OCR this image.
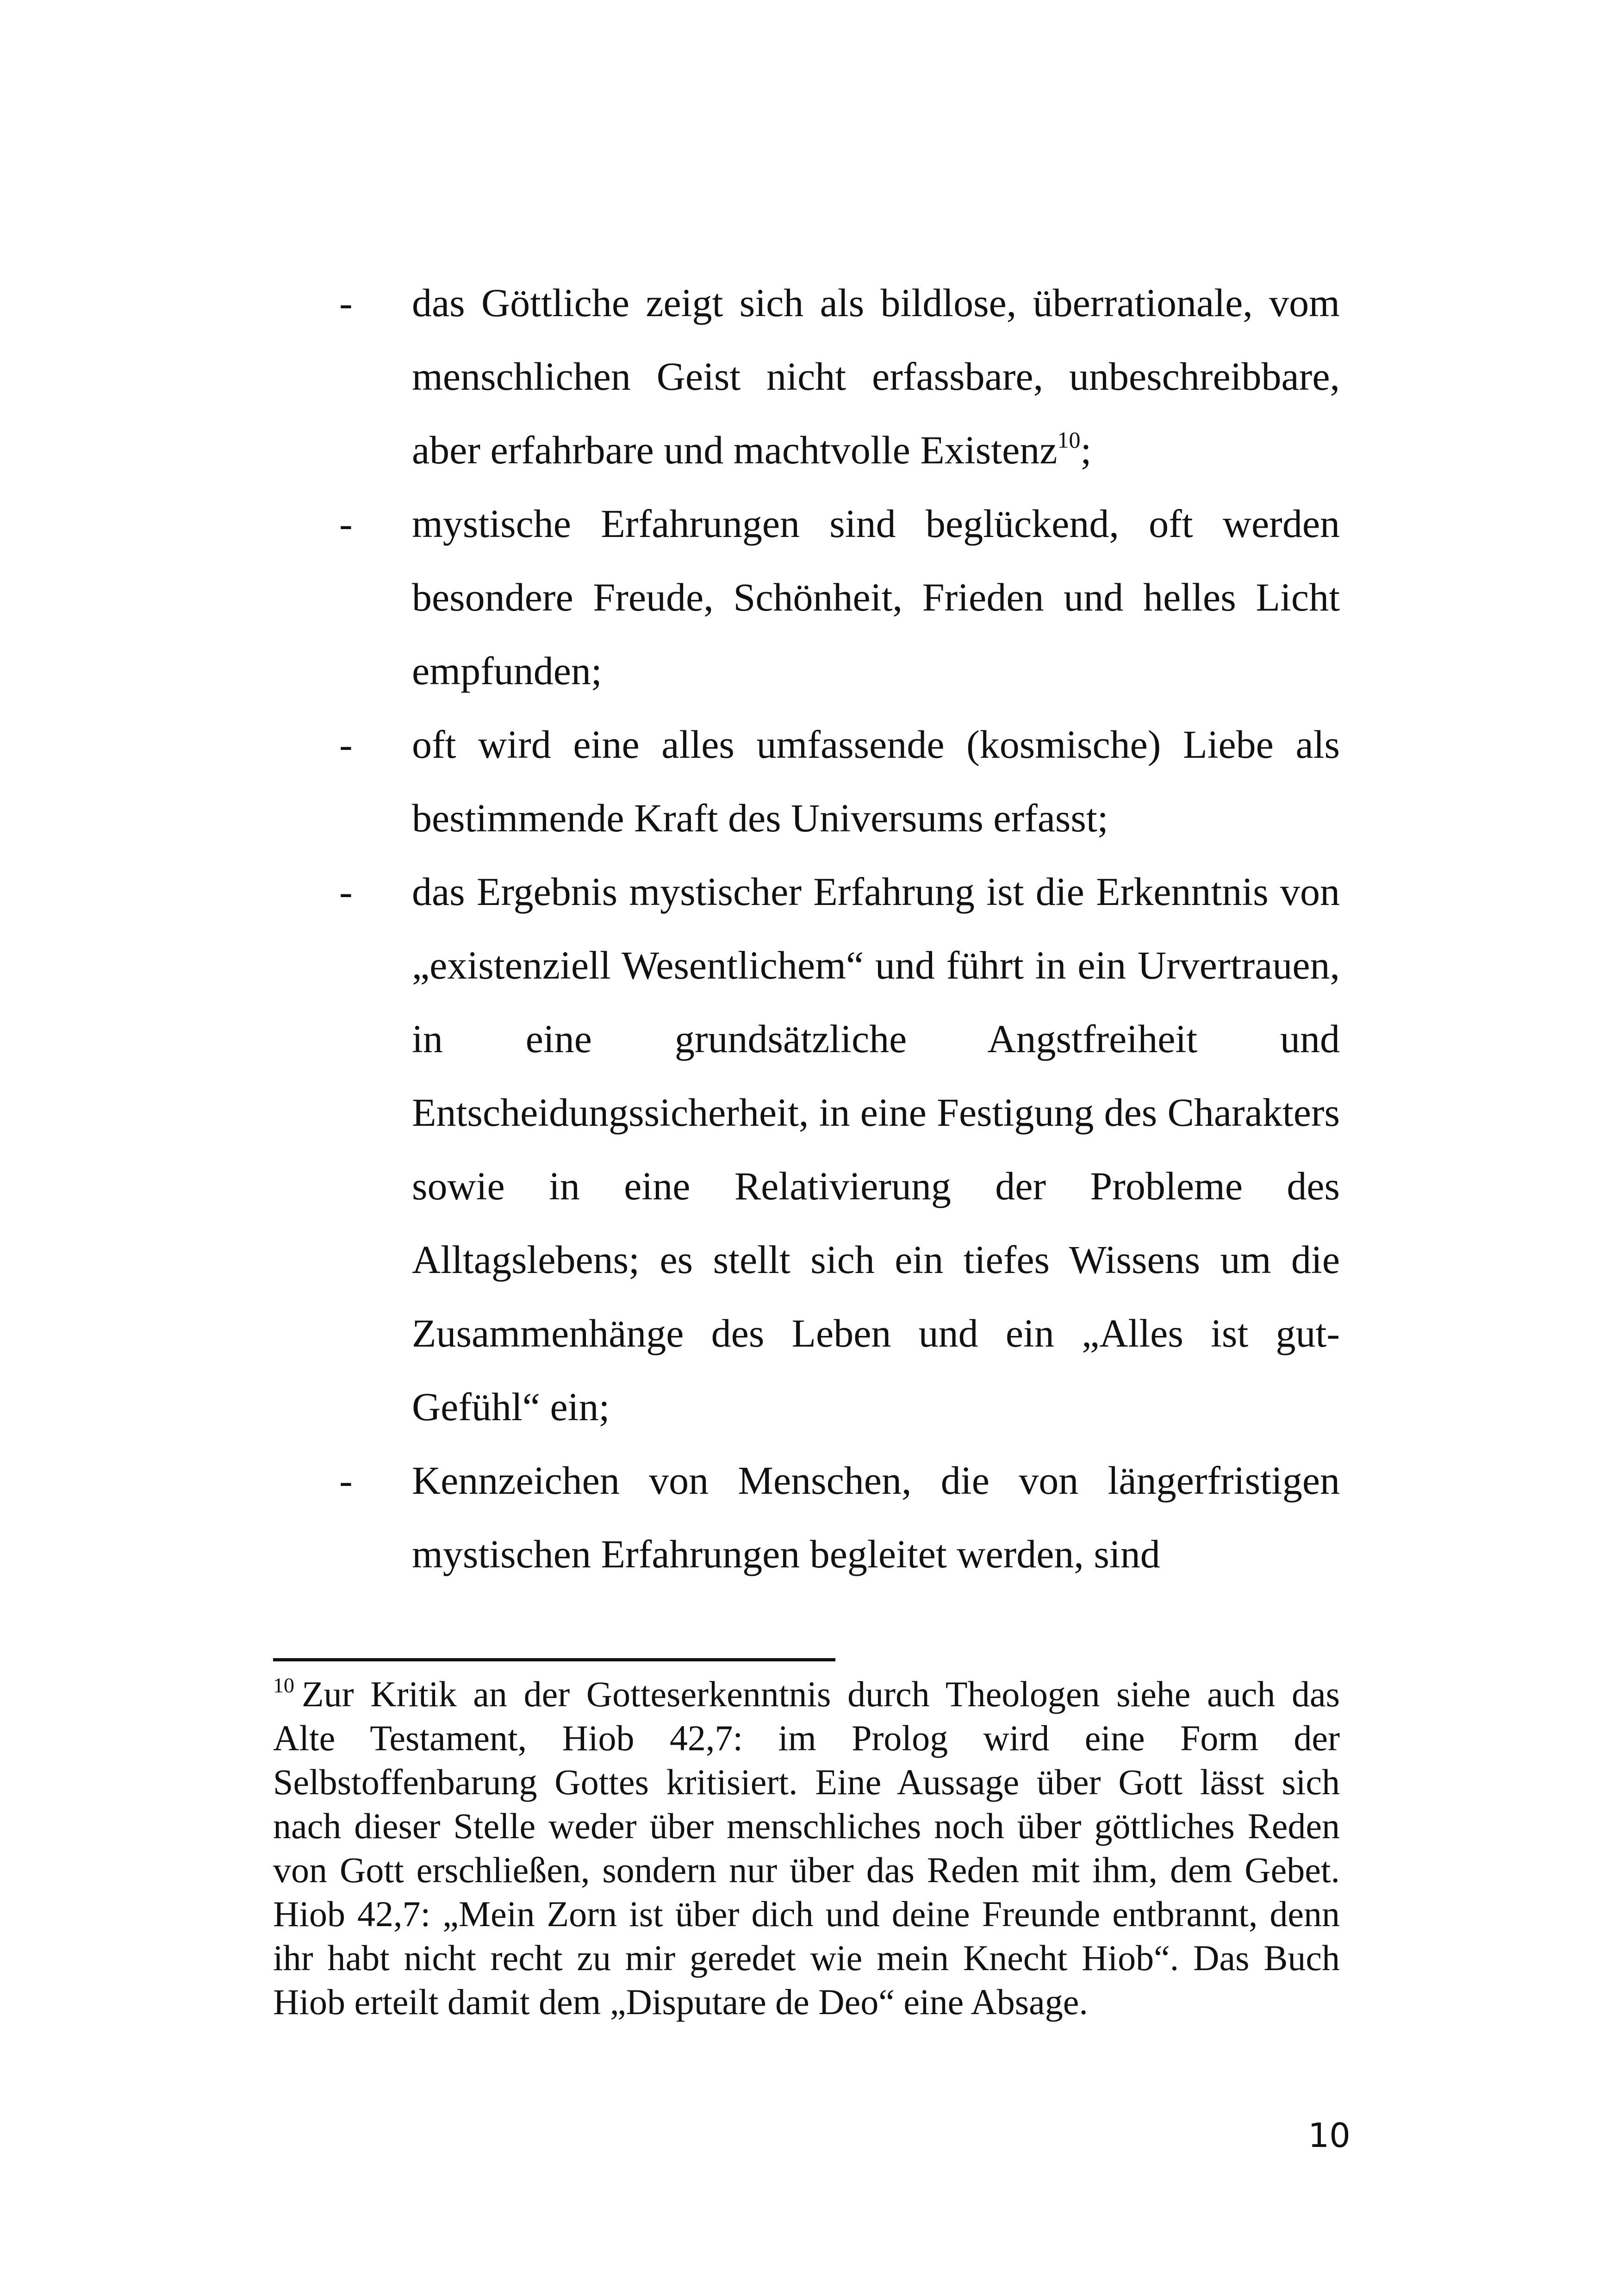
-	das Göttliche zeigt sich als bildlose, überrationale, vom menschlichen Geist nicht erfassbare, unbeschreibbare, aber erfahrbare und machtvolle Existenz$^{10}$;
-	mystische Erfahrungen sind beglückend, oft werden besondere Freude, Schönheit, Frieden und helles Licht empfunden;
-	oft wird eine alles umfassende (kosmische) Liebe als bestimmende Kraft des Universums erfasst;
-	das Ergebnis mystischer Erfahrung ist die Erkenntnis von „existenziell Wesentlichem“ und führt in ein Urvertrauen, in eine grundsätzliche Angstfreiheit und Entscheidungssicherheit, in eine Festigung des Charakters sowie in eine Relativierung der Probleme des Alltagslebens; es stellt sich ein tiefes Wissens um die Zusammenhänge des Leben und ein „Alles ist gut-Gefühl“ ein;
-	Kennzeichen von Menschen, die von längerfristigen mystischen Erfahrungen begleitet werden, sind
$^{10}$ Zur Kritik an der Gotteserkenntnis durch Theologen siehe auch das Alte Testament, Hiob 42,7: im Prolog wird eine Form der Selbstoffenbarung Gottes kritisiert. Eine Aussage über Gott lässt sich nach dieser Stelle weder über menschliches noch über göttliches Reden von Gott erschließen, sondern nur über das Reden mit ihm, dem Gebet. Hiob 42,7: „Mein Zorn ist über dich und deine Freunde entbrannt, denn ihr habt nicht recht zu mir geredet wie mein Knecht Hiob“. Das Buch Hiob erteilt damit dem „Disputare de Deo“ eine Absage.
10
